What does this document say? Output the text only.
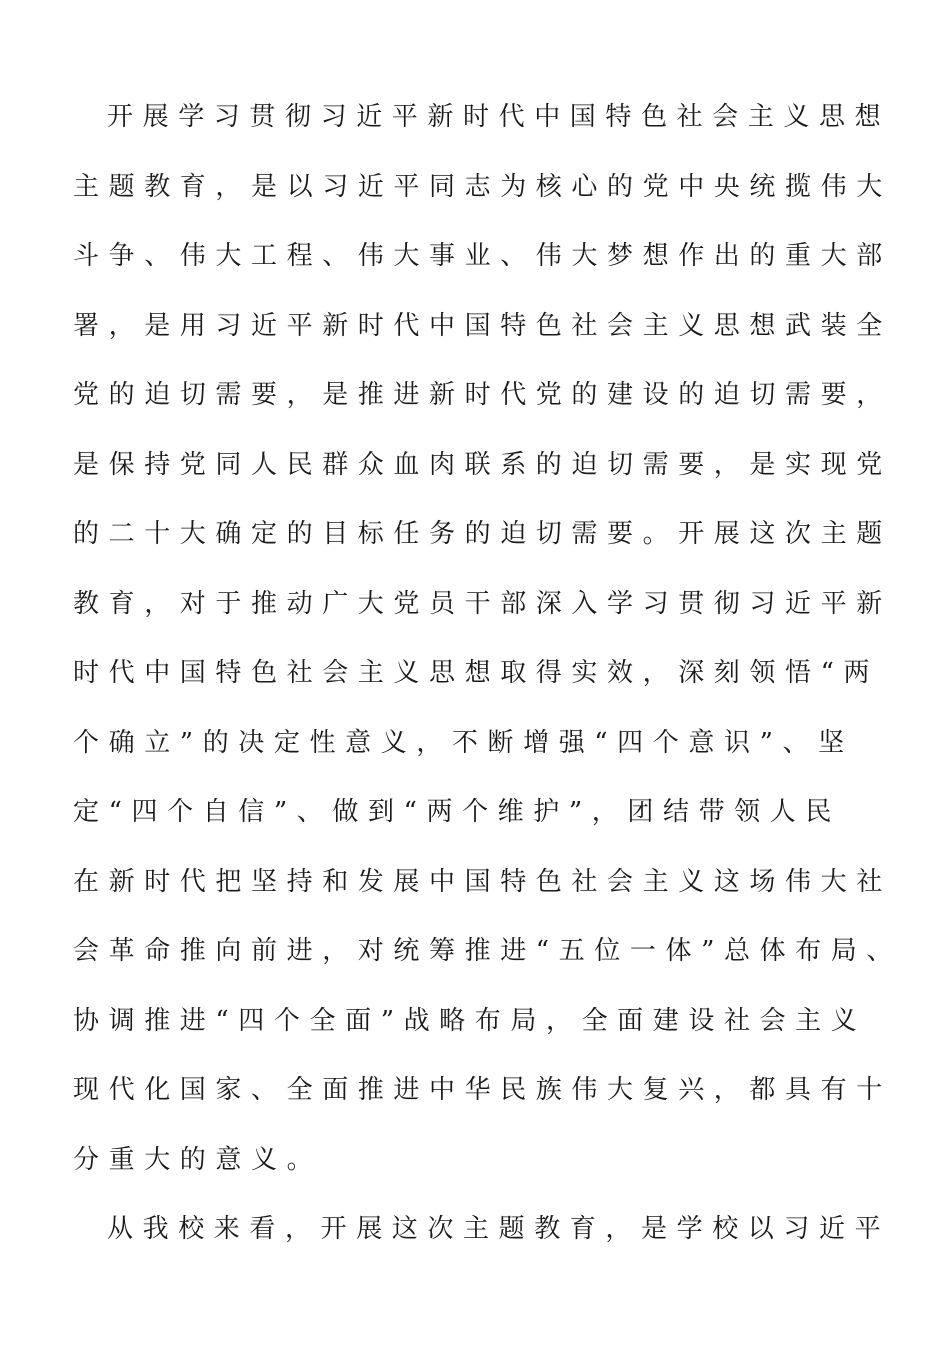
开展学习贯彻习近平新时代中国特色社会主义思想
主题教育，是以习近平同志为核心的党中央统揽伟大
斗争、伟大工程、伟大事业、伟大梦想作出的重大部
署，是用习近平新时代中国特色社会主义思想武装全
党的迫切需要，是推进新时代党的建设的迫切需要，
是保持党同人民群众血肉联系的迫切需要，是实现党
的二十大确定的目标任务的迫切需要。开展这次主题
教育，对于推动广大党员干部深入学习贯彻习近平新
时代中国特色社会主义思想取得实效，深刻领悟“两
个确立”的决定性意义，不断增强“四个意识”、坚
定“四个自信”、做到“两个维护”，团结带领人民
在新时代把坚持和发展中国特色社会主义这场伟大社
会革命推向前进，对统筹推进“五位一体”总体布局、
协调推进“四个全面”战略布局，全面建设社会主义
现代化国家、全面推进中华民族伟大复兴，都具有十
分重大的意义。
从我校来看，开展这次主题教育，是学校以习近平
